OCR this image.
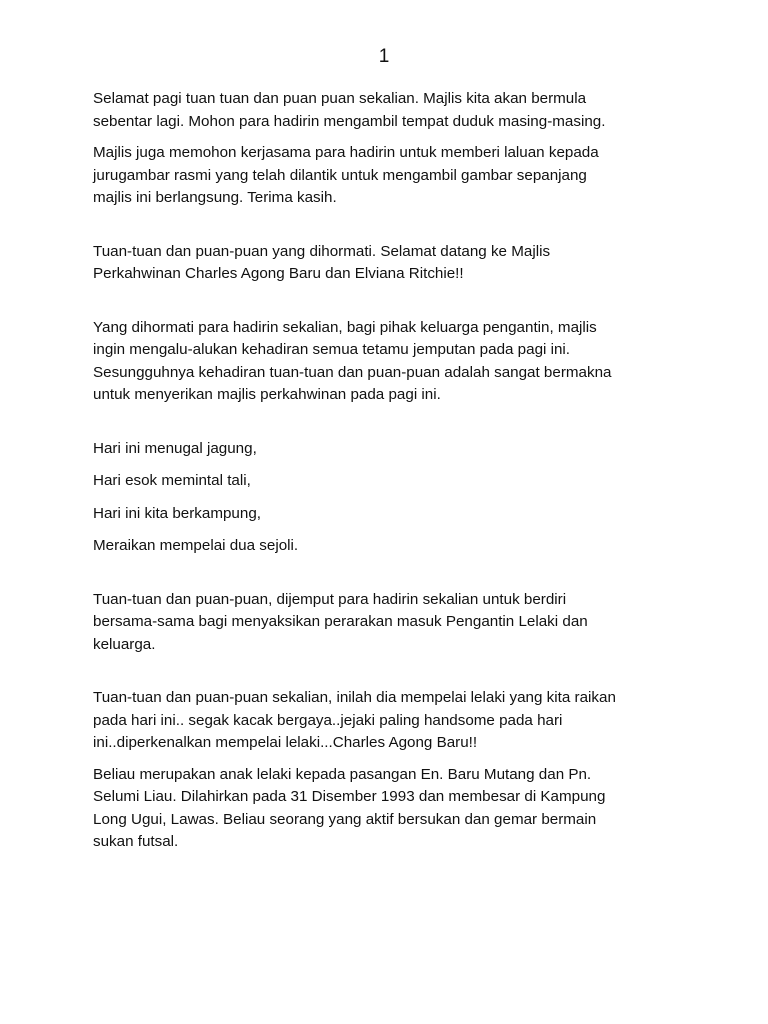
1

Selamat pagi tuan tuan dan puan puan sekalian. Majlis kita akan bermula
sebentar lagi. Mohon para hadirin mengambil tempat duduk masing-masing.

Majlis juga memohon kerjasama para hadirin untuk memberi laluan kepada
jurugambar rasmi yang telah dilantik untuk mengambil gambar sepanjang
majlis ini berlangsung. Terima kasih.

Tuan-tuan dan puan-puan yang dihormati. Selamat datang ke Majlis
Perkahwinan Charles Agong Baru dan Elviana Ritchie!!

Yang dihormati para hadirin sekalian, bagi pihak keluarga pengantin, majlis
ingin mengalu-alukan kehadiran semua tetamu jemputan pada pagi ini.
Sesungguhnya kehadiran tuan-tuan dan puan-puan adalah sangat bermakna
untuk menyerikan majlis perkahwinan pada pagi ini.

Hari ini menugal jagung,

Hari esok memintal tali,

Hari ini kita berkampung,

Meraikan mempelai dua sejoli.

Tuan-tuan dan puan-puan, dijemput para hadirin sekalian untuk berdiri
bersama-sama bagi menyaksikan perarakan masuk Pengantin Lelaki dan
keluarga.

Tuan-tuan dan puan-puan sekalian, inilah dia mempelai lelaki yang kita raikan
pada hari ini.. segak kacak bergaya..jejaki paling handsome pada hari
ini..diperkenalkan mempelai lelaki...Charles Agong Baru!!

Beliau merupakan anak lelaki kepada pasangan En. Baru Mutang dan Pn.
Selumi Liau. Dilahirkan pada 31 Disember 1993 dan membesar di Kampung
Long Ugui, Lawas. Beliau seorang yang aktif bersukan dan gemar bermain
sukan futsal.
